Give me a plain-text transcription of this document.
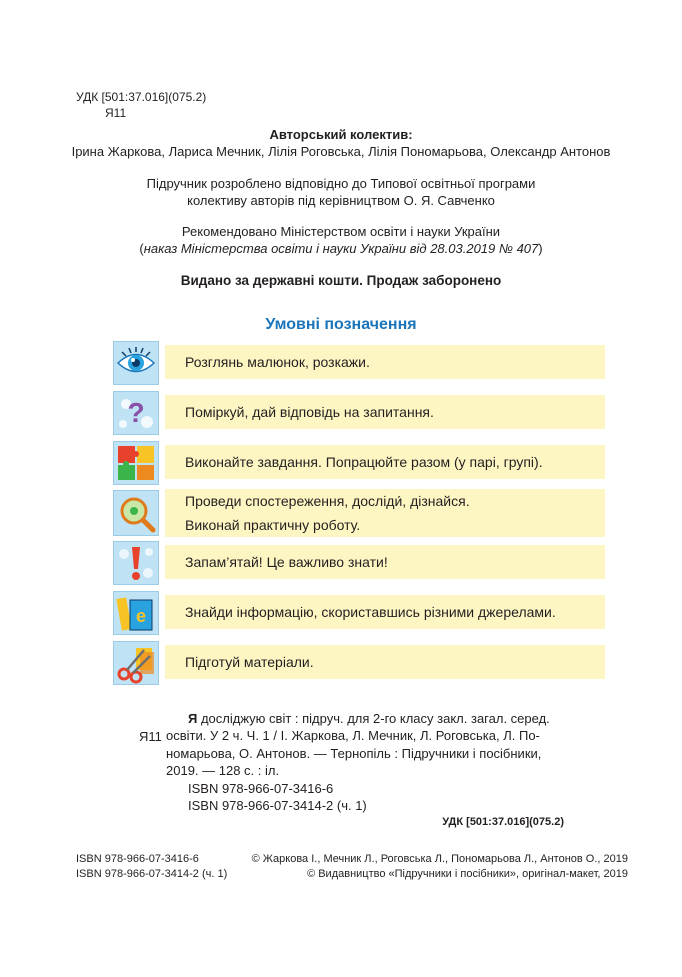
УДК [501:37.016](075.2)
Я11
Авторський колектив:
Ірина Жаркова, Лариса Мечник, Лілія Роговська, Лілія Пономарьова, Олександр Антонов
Підручник розроблено відповідно до Типової освітньої програми
колективу авторів під керівництвом О. Я. Савченко
Рекомендовано Міністерством освіти і науки України
(наказ Міністерства освіти і науки України від 28.03.2019 № 407)
Видано за державні кошти. Продаж заборонено
Умовні позначення
Розглянь малюнок, розкажи.
?	Поміркуй, дай відповідь на запитання.
Виконайте завдання. Попрацюйте разом (у парі, групі).
Проведи спостереження, досліди́, дізнайся.
Виконай практичну роботу.
Запам’ятай! Це важливо знати!
e	Знайди інформацію, скориставшись різними джерелами.
Підготуй матеріали.
Я11
Я досліджую світ : підруч. для 2-го класу закл. загал. серед.
освіти. У 2 ч. Ч. 1 / І. Жаркова, Л. Мечник, Л. Роговська, Л. По-
номарьова, О. Антонов. — Тернопіль : Підручники і посібники,
2019. — 128 с. : іл.
ISBN 978-966-07-3416-6
ISBN 978-966-07-3414-2 (ч. 1)
УДК [501:37.016](075.2)
ISBN 978-966-07-3416-6
ISBN 978-966-07-3414-2 (ч. 1)
© Жаркова І., Мечник Л., Роговська Л., Пономарьова Л., Антонов О., 2019
© Видавництво «Підручники і посібники», оригінал-макет, 2019
